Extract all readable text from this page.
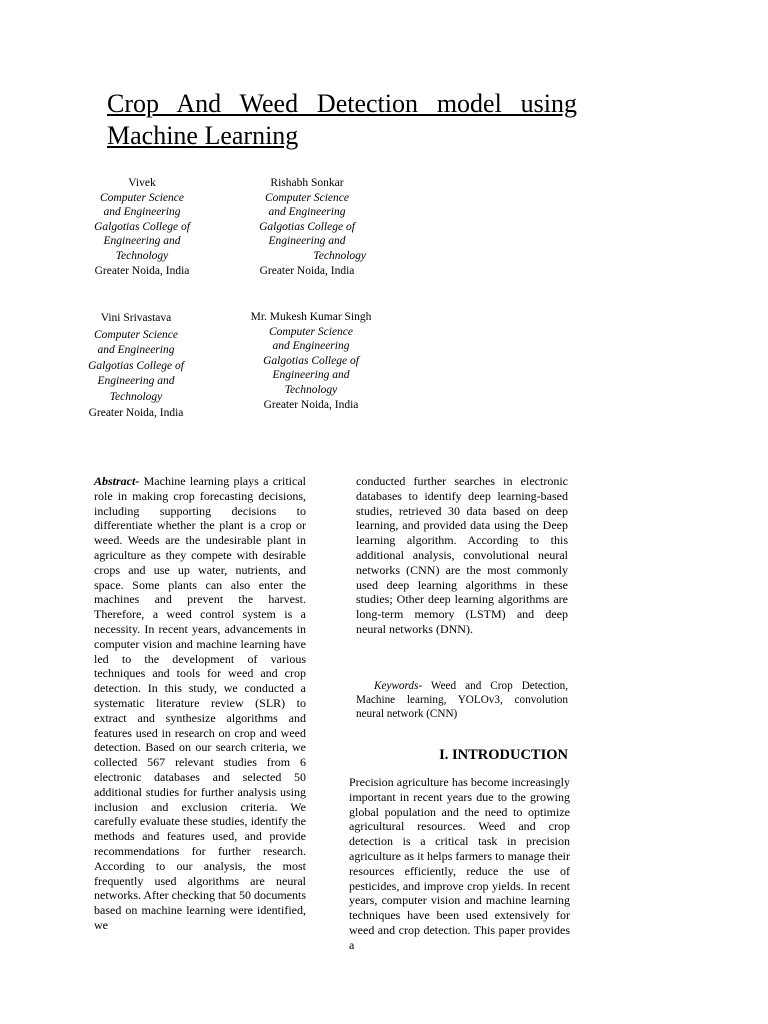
Crop And Weed Detection model using
Machine Learning
Vivek
Computer Science
and Engineering
Galgotias College of
Engineering and
Technology
Greater Noida, India
Rishabh Sonkar
Computer Science
and Engineering
Galgotias College of
Engineering and
Technology
Greater Noida, India
Vini Srivastava
Computer Science
and Engineering
Galgotias College of
Engineering and
Technology
Greater Noida, India
Mr. Mukesh Kumar Singh
Computer Science
and Engineering
Galgotias College of
Engineering and
Technology
Greater Noida, India
Abstract- Machine learning plays a critical role in making crop forecasting decisions, including supporting decisions to differentiate whether the plant is a crop or weed. Weeds are the undesirable plant in agriculture as they compete with desirable crops and use up water, nutrients, and space. Some plants can also enter the machines and prevent the harvest. Therefore, a weed control system is a necessity. In recent years, advancements in computer vision and machine learning have led to the development of various techniques and tools for weed and crop detection. In this study, we conducted a systematic literature review (SLR) to extract and synthesize algorithms and features used in research on crop and weed detection. Based on our search criteria, we collected 567 relevant studies from 6 electronic databases and selected 50 additional studies for further analysis using inclusion and exclusion criteria. We carefully evaluate these studies, identify the methods and features used, and provide recommendations for further research. According to our analysis, the most frequently used algorithms are neural networks. After checking that 50 documents based on machine learning were identified, we
conducted further searches in electronic databases to identify deep learning-based studies, retrieved 30 data based on deep learning, and provided data using the Deep learning algorithm. According to this additional analysis, convolutional neural networks (CNN) are the most commonly used deep learning algorithms in these studies; Other deep learning algorithms are long-term memory (LSTM) and deep neural networks (DNN).
Keywords- Weed and Crop Detection, Machine learning, YOLOv3, convolution neural network (CNN)
I. INTRODUCTION
Precision agriculture has become increasingly important in recent years due to the growing global population and the need to optimize agricultural resources. Weed and crop detection is a critical task in precision agriculture as it helps farmers to manage their resources efficiently, reduce the use of pesticides, and improve crop yields. In recent years, computer vision and machine learning techniques have been used extensively for weed and crop detection. This paper provides a
